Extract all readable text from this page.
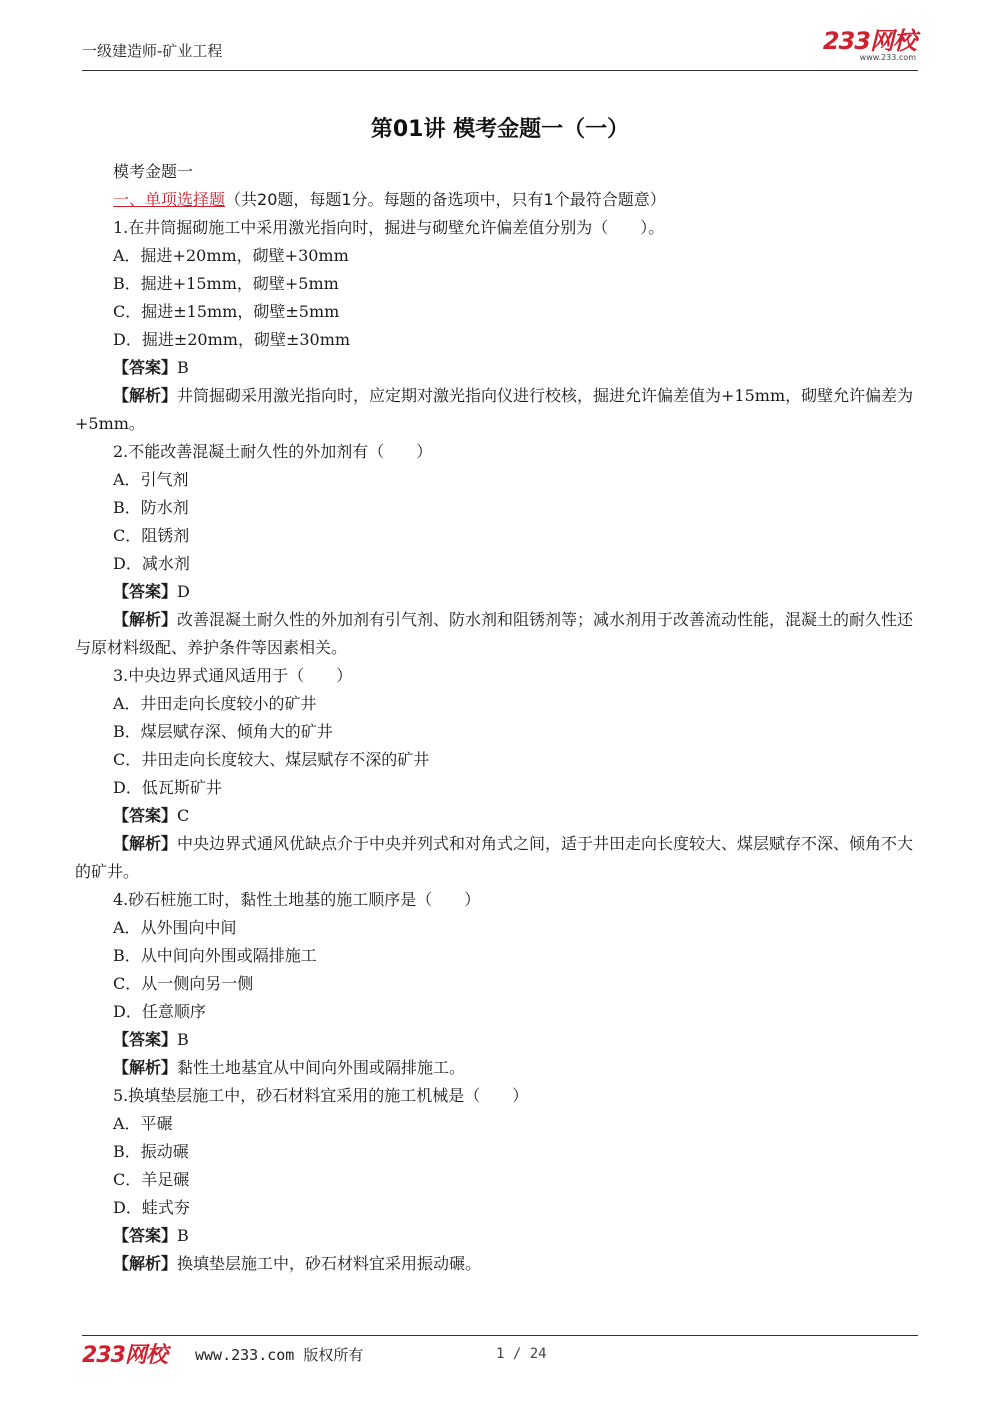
一级建造师-矿业工程	233网校
www.233.com
第01讲 模考金题一（一）

模考金题一

一、单项选择题（共20题，每题1分。每题的备选项中，只有1个最符合题意）

1.在井筒掘砌施工中采用激光指向时，掘进与砌壁允许偏差值分别为（　　）。

A．掘进+20mm，砌壁+30mm

B．掘进+15mm，砌壁+5mm

C．掘进±15mm，砌壁±5mm

D．掘进±20mm，砌壁±30mm

【答案】B

【解析】井筒掘砌采用激光指向时，应定期对激光指向仪进行校核，掘进允许偏差值为+15mm，砌壁允许偏差为+5mm。

2.不能改善混凝土耐久性的外加剂有（　　）

A．引气剂

B．防水剂

C．阻锈剂

D．减水剂

【答案】D

【解析】改善混凝土耐久性的外加剂有引气剂、防水剂和阻锈剂等；减水剂用于改善流动性能，混凝土的耐久性还与原材料级配、养护条件等因素相关。

3.中央边界式通风适用于（　　）

A．井田走向长度较小的矿井

B．煤层赋存深、倾角大的矿井

C．井田走向长度较大、煤层赋存不深的矿井

D．低瓦斯矿井

【答案】C

【解析】中央边界式通风优缺点介于中央并列式和对角式之间，适于井田走向长度较大、煤层赋存不深、倾角不大的矿井。

4.砂石桩施工时，黏性土地基的施工顺序是（　　）

A．从外围向中间

B．从中间向外围或隔排施工

C．从一侧向另一侧

D．任意顺序

【答案】B

【解析】黏性土地基宜从中间向外围或隔排施工。

5.换填垫层施工中，砂石材料宜采用的施工机械是（　　）

A．平碾

B．振动碾

C．羊足碾

D．蛙式夯

【答案】B

【解析】换填垫层施工中，砂石材料宜采用振动碾。

233网校 www.233.com 版权所有	1 / 24
